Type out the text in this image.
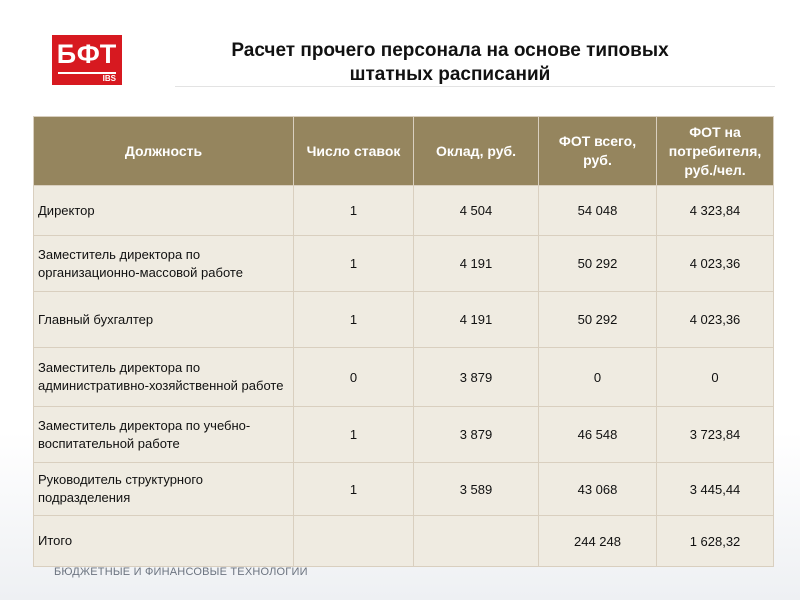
БФТ
IBS
Расчет прочего персонала на основе типовых
штатных расписаний
Должность	Число ставок	Оклад, руб.	ФОТ всего, руб.	ФОТ на потребителя, руб./чел.
Директор	1	4 504	54 048	4 323,84
Заместитель директора по организационно-массовой работе	1	4 191	50 292	4 023,36
Главный бухгалтер	1	4 191	50 292	4 023,36
Заместитель директора по административно-хозяйственной работе	0	3 879	0	0
Заместитель директора по учебно-воспитательной работе	1	3 879	46 548	3 723,84
Руководитель структурного подразделения	1	3 589	43 068	3 445,44
Итого			244 248	1 628,32
БЮДЖЕТНЫЕ И ФИНАНСОВЫЕ ТЕХНОЛОГИИ
